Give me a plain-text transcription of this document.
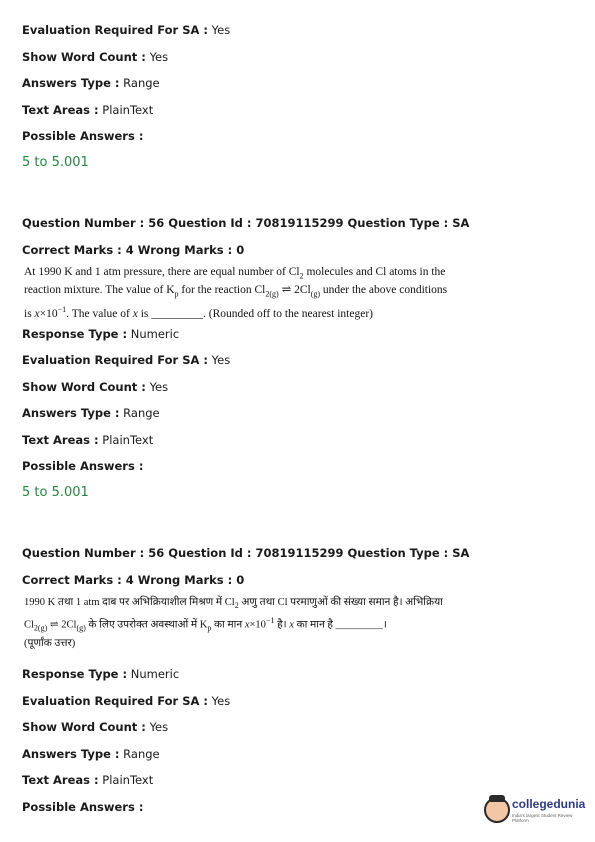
Evaluation Required For SA : Yes
Show Word Count : Yes
Answers Type : Range
Text Areas : PlainText
Possible Answers :
5 to 5.001
Question Number : 56 Question Id : 70819115299 Question Type : SA
Correct Marks : 4 Wrong Marks : 0
At 1990 K and 1 atm pressure, there are equal number of $Cl_2$ molecules and Cl atoms in the
reaction mixture. The value of $K_p$ for the reaction $Cl_{2(g)}$ ⇌ $2Cl_{(g)}$ under the above conditions
is $x\times 10^{-1}$. The value of x is _________. (Rounded off to the nearest integer)
Response Type : Numeric
Evaluation Required For SA : Yes
Show Word Count : Yes
Answers Type : Range
Text Areas : PlainText
Possible Answers :
5 to 5.001
Question Number : 56 Question Id : 70819115299 Question Type : SA
Correct Marks : 4 Wrong Marks : 0
1990 K तथा 1 atm दाब पर अभिक्रियाशील मिश्रण में $Cl_2$ अणु तथा Cl परमाणुओं की संख्या समान है। अभिक्रिया
$Cl_{2(g)}$ ⇌ $2Cl_{(g)}$ के लिए उपरोक्त अवस्थाओं में $K_p$ का मान $x\times 10^{-1}$ है। x का मान है _________।
(पूर्णांक उत्तर)
Response Type : Numeric
Evaluation Required For SA : Yes
Show Word Count : Yes
Answers Type : Range
Text Areas : PlainText
Possible Answers :	collegedunia
India's largest Student Review Platform
